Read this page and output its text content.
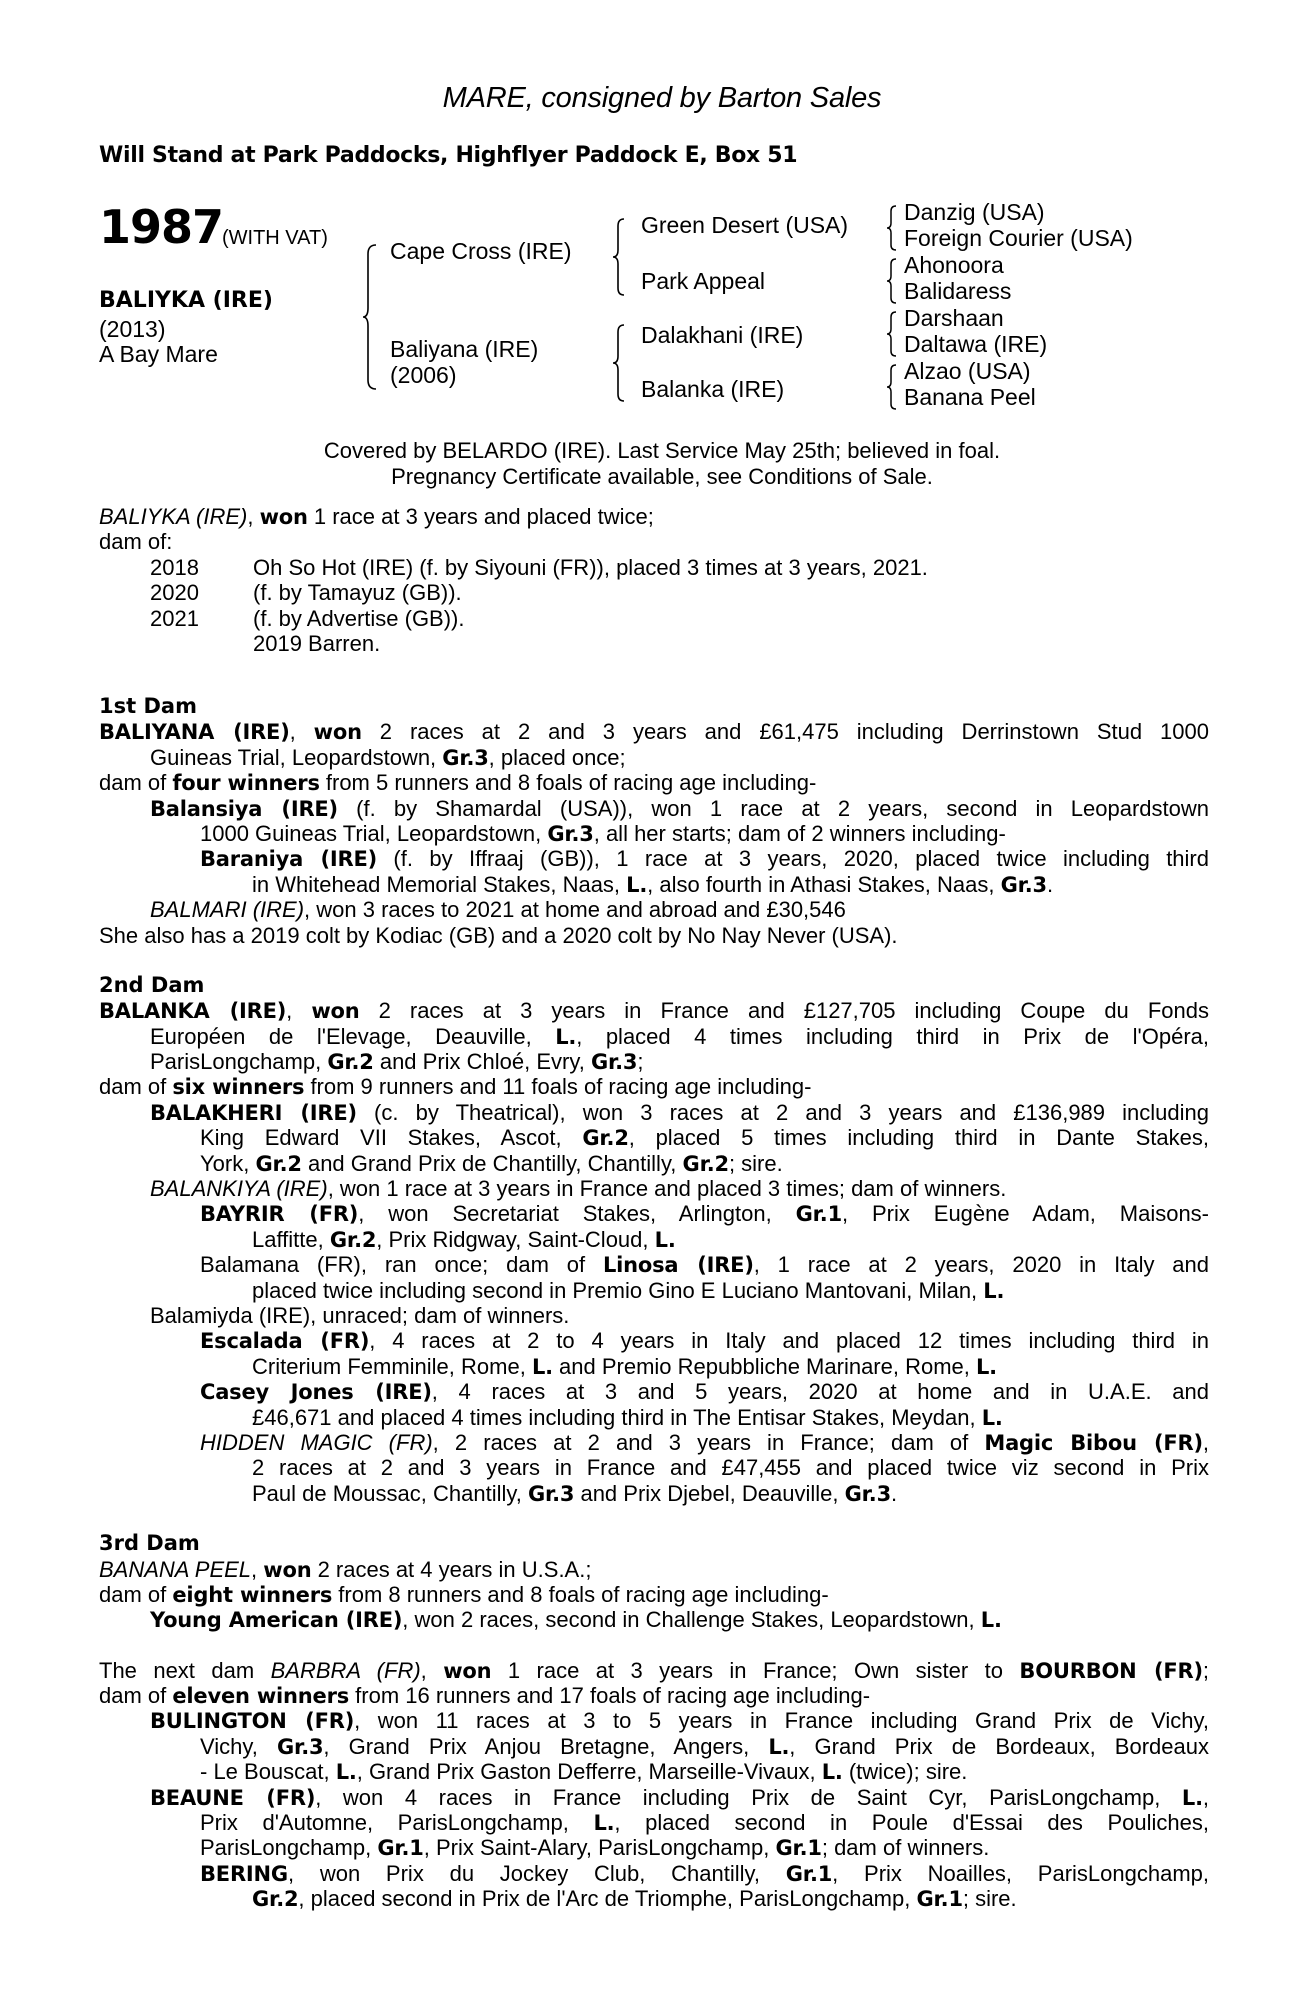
MARE, consigned by Barton Sales
Will Stand at Park Paddocks, Highflyer Paddock E, Box 51
1987
(WITH VAT)
BALIYKA (IRE)
(2013)
A Bay Mare
Cape Cross (IRE)
Baliyana (IRE)
(2006)
Green Desert (USA)
Park Appeal
Dalakhani (IRE)
Balanka (IRE)
Danzig (USA)
Foreign Courier (USA)
Ahonoora
Balidaress
Darshaan
Daltawa (IRE)
Alzao (USA)
Banana Peel
Covered by BELARDO (IRE). Last Service May 25th; believed in foal.
Pregnancy Certificate available, see Conditions of Sale.
BALIYKA (IRE), won 1 race at 3 years and placed twice;
dam of:
2018 Oh So Hot (IRE) (f. by Siyouni (FR)), placed 3 times at 3 years, 2021.
2020 (f. by Tamayuz (GB)).
2021 (f. by Advertise (GB)).
2019 Barren.
1st Dam
BALIYANA (IRE), won 2 races at 2 and 3 years and £61,475 including Derrinstown Stud 1000
Guineas Trial, Leopardstown, Gr.3, placed once;
dam of four winners from 5 runners and 8 foals of racing age including-
Balansiya (IRE) (f. by Shamardal (USA)), won 1 race at 2 years, second in Leopardstown
1000 Guineas Trial, Leopardstown, Gr.3, all her starts; dam of 2 winners including-
Baraniya (IRE) (f. by Iffraaj (GB)), 1 race at 3 years, 2020, placed twice including third
in Whitehead Memorial Stakes, Naas, L., also fourth in Athasi Stakes, Naas, Gr.3.
BALMARI (IRE), won 3 races to 2021 at home and abroad and £30,546
She also has a 2019 colt by Kodiac (GB) and a 2020 colt by No Nay Never (USA).
2nd Dam
BALANKA (IRE), won 2 races at 3 years in France and £127,705 including Coupe du Fonds
Européen de l'Elevage, Deauville, L., placed 4 times including third in Prix de l'Opéra,
ParisLongchamp, Gr.2 and Prix Chloé, Evry, Gr.3;
dam of six winners from 9 runners and 11 foals of racing age including-
BALAKHERI (IRE) (c. by Theatrical), won 3 races at 2 and 3 years and £136,989 including
King Edward VII Stakes, Ascot, Gr.2, placed 5 times including third in Dante Stakes,
York, Gr.2 and Grand Prix de Chantilly, Chantilly, Gr.2; sire.
BALANKIYA (IRE), won 1 race at 3 years in France and placed 3 times; dam of winners.
BAYRIR (FR), won Secretariat Stakes, Arlington, Gr.1, Prix Eugène Adam, Maisons-
Laffitte, Gr.2, Prix Ridgway, Saint-Cloud, L.
Balamana (FR), ran once; dam of Linosa (IRE), 1 race at 2 years, 2020 in Italy and
placed twice including second in Premio Gino E Luciano Mantovani, Milan, L.
Balamiyda (IRE), unraced; dam of winners.
Escalada (FR), 4 races at 2 to 4 years in Italy and placed 12 times including third in
Criterium Femminile, Rome, L. and Premio Repubbliche Marinare, Rome, L.
Casey Jones (IRE), 4 races at 3 and 5 years, 2020 at home and in U.A.E. and
£46,671 and placed 4 times including third in The Entisar Stakes, Meydan, L.
HIDDEN MAGIC (FR), 2 races at 2 and 3 years in France; dam of Magic Bibou (FR),
2 races at 2 and 3 years in France and £47,455 and placed twice viz second in Prix
Paul de Moussac, Chantilly, Gr.3 and Prix Djebel, Deauville, Gr.3.
3rd Dam
BANANA PEEL, won 2 races at 4 years in U.S.A.;
dam of eight winners from 8 runners and 8 foals of racing age including-
Young American (IRE), won 2 races, second in Challenge Stakes, Leopardstown, L.
The next dam BARBRA (FR), won 1 race at 3 years in France; Own sister to BOURBON (FR);
dam of eleven winners from 16 runners and 17 foals of racing age including-
BULINGTON (FR), won 11 races at 3 to 5 years in France including Grand Prix de Vichy,
Vichy, Gr.3, Grand Prix Anjou Bretagne, Angers, L., Grand Prix de Bordeaux, Bordeaux
- Le Bouscat, L., Grand Prix Gaston Defferre, Marseille-Vivaux, L. (twice); sire.
BEAUNE (FR), won 4 races in France including Prix de Saint Cyr, ParisLongchamp, L.,
Prix d'Automne, ParisLongchamp, L., placed second in Poule d'Essai des Pouliches,
ParisLongchamp, Gr.1, Prix Saint-Alary, ParisLongchamp, Gr.1; dam of winners.
BERING, won Prix du Jockey Club, Chantilly, Gr.1, Prix Noailles, ParisLongchamp,
Gr.2, placed second in Prix de l'Arc de Triomphe, ParisLongchamp, Gr.1; sire.
